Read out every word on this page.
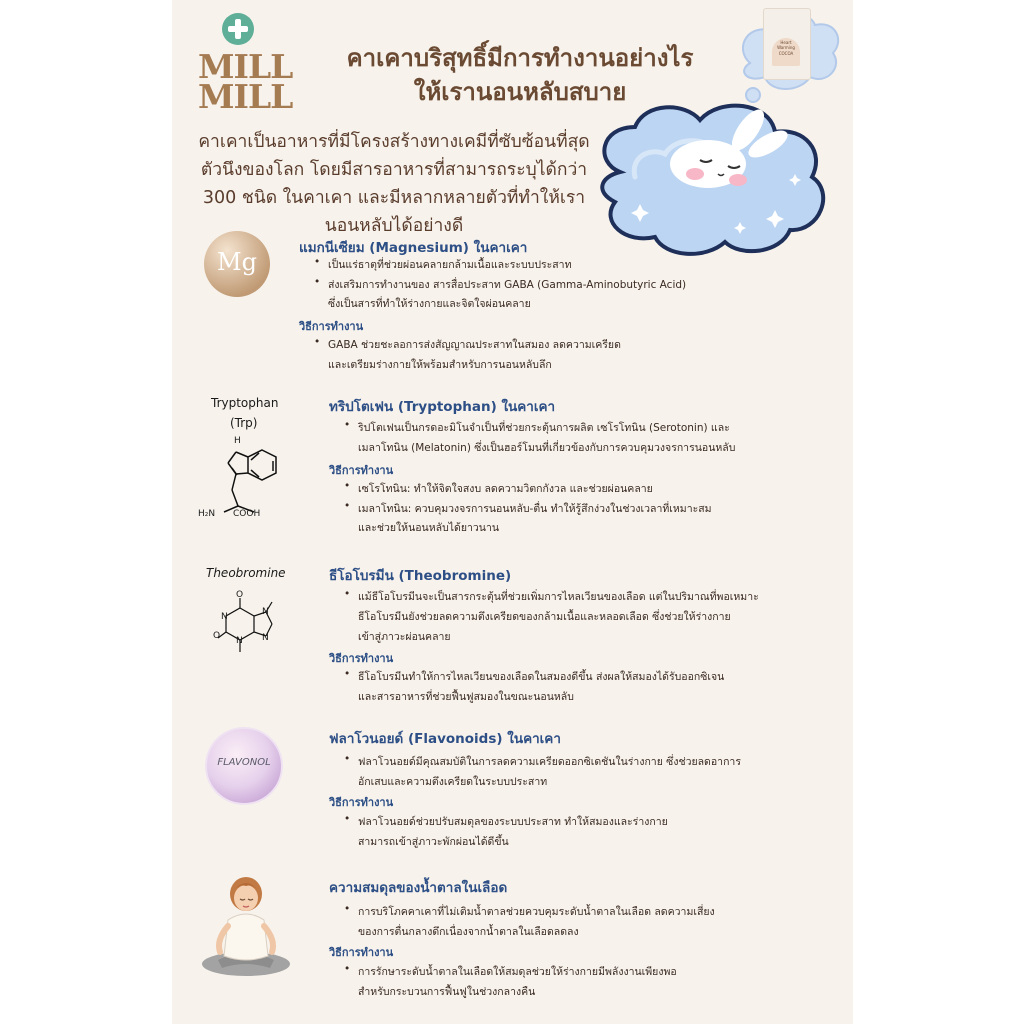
MILL
MILL
คาเคาบริสุทธิ์มีการทำงานอย่างไร
ให้เรานอนหลับสบาย
Heart
Warming
COCOA
คาเคาเป็นอาหารที่มีโครงสร้างทางเคมีที่ซับซ้อนที่สุดตัวนึงของโลก โดยมีสารอาหารที่สามารถระบุได้กว่า 300 ชนิด ในคาเคา และมีหลากหลายตัวที่ทำให้เรานอนหลับได้อย่างดี
Mg	แมกนีเซียม (Magnesium) ในคาเคา
• เป็นแร่ธาตุที่ช่วยผ่อนคลายกล้ามเนื้อและระบบประสาท
• ส่งเสริมการทำงานของ สารสื่อประสาท GABA (Gamma-Aminobutyric Acid)
ซึ่งเป็นสารที่ทำให้ร่างกายและจิตใจผ่อนคลาย
วิธีการทำงาน
• GABA ช่วยชะลอการส่งสัญญาณประสาทในสมอง ลดความเครียด
และเตรียมร่างกายให้พร้อมสำหรับการนอนหลับลึก
Tryptophan
(Trp)
H
H₂N COOH
ทริปโตเฟน (Tryptophan) ในคาเคา
• ริปโตเฟนเป็นกรดอะมิโนจำเป็นที่ช่วยกระตุ้นการผลิต เซโรโทนิน (Serotonin) และ
เมลาโทนิน (Melatonin) ซึ่งเป็นฮอร์โมนที่เกี่ยวข้องกับการควบคุมวงจรการนอนหลับ
วิธีการทำงาน
• เซโรโทนิน: ทำให้จิตใจสงบ ลดความวิตกกังวล และช่วยผ่อนคลาย
• เมลาโทนิน: ควบคุมวงจรการนอนหลับ-ตื่น ทำให้รู้สึกง่วงในช่วงเวลาที่เหมาะสม
และช่วยให้นอนหลับได้ยาวนาน
Theobromine
O
O
N
N
N
N
ธีโอโบรมีน (Theobromine)
• แม้ธีโอโบรมีนจะเป็นสารกระตุ้นที่ช่วยเพิ่มการไหลเวียนของเลือด แต่ในปริมาณที่พอเหมาะ
ธีโอโบรมีนยังช่วยลดความตึงเครียดของกล้ามเนื้อและหลอดเลือด ซึ่งช่วยให้ร่างกาย
เข้าสู่ภาวะผ่อนคลาย
วิธีการทำงาน
• ธีโอโบรมีนทำให้การไหลเวียนของเลือดในสมองดีขึ้น ส่งผลให้สมองได้รับออกซิเจน
และสารอาหารที่ช่วยฟื้นฟูสมองในขณะนอนหลับ
FLAVONOL
ฟลาโวนอยด์ (Flavonoids) ในคาเคา
• ฟลาโวนอยด์มีคุณสมบัติในการลดความเครียดออกซิเดชันในร่างกาย ซึ่งช่วยลดอาการ
อักเสบและความตึงเครียดในระบบประสาท
วิธีการทำงาน
• ฟลาโวนอยด์ช่วยปรับสมดุลของระบบประสาท ทำให้สมองและร่างกาย
สามารถเข้าสู่ภาวะพักผ่อนได้ดีขึ้น
ความสมดุลของน้ำตาลในเลือด
• การบริโภคคาเคาที่ไม่เติมน้ำตาลช่วยควบคุมระดับน้ำตาลในเลือด ลดความเสี่ยง
ของการตื่นกลางดึกเนื่องจากน้ำตาลในเลือดลดลง
วิธีการทำงาน
• การรักษาระดับน้ำตาลในเลือดให้สมดุลช่วยให้ร่างกายมีพลังงานเพียงพอ
สำหรับกระบวนการฟื้นฟูในช่วงกลางคืน
